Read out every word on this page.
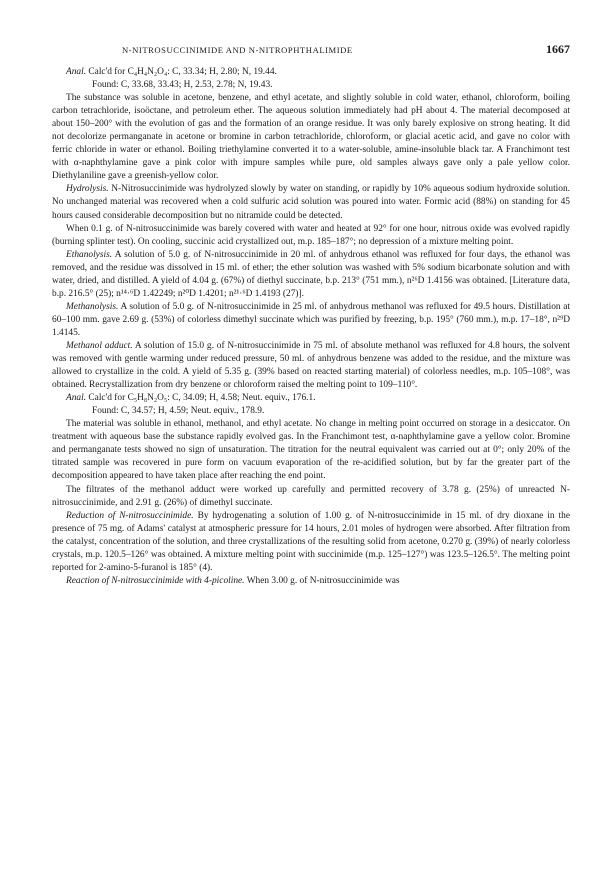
N-NITROSUCCINIMIDE AND N-NITROPHTHALIMIDE	1667

Anal. Calc'd for C₄H₄N₂O₄: C, 33.34; H, 2.80; N, 19.44.

Found: C, 33.68, 33.43; H, 2.53, 2.78; N, 19.43.

The substance was soluble in acetone, benzene, and ethyl acetate, and slightly soluble in cold water, ethanol, chloroform, boiling carbon tetrachloride, isoöctane, and petroleum ether. The aqueous solution immediately had pH about 4. The material decomposed at about 150–200° with the evolution of gas and the formation of an orange residue. It was only barely explosive on strong heating. It did not decolorize permanganate in acetone or bromine in carbon tetrachloride, chloroform, or glacial acetic acid, and gave no color with ferric chloride in water or ethanol. Boiling triethylamine converted it to a water-soluble, amine-insoluble black tar. A Franchimont test with α-naphthylamine gave a pink color with impure samples while pure, old samples always gave only a pale yellow color. Diethylaniline gave a greenish-yellow color.

Hydrolysis. N-Nitrosuccinimide was hydrolyzed slowly by water on standing, or rapidly by 10% aqueous sodium hydroxide solution. No unchanged material was recovered when a cold sulfuric acid solution was poured into water. Formic acid (88%) on standing for 45 hours caused considerable decomposition but no nitramide could be detected.

When 0.1 g. of N-nitrosuccinimide was barely covered with water and heated at 92° for one hour, nitrous oxide was evolved rapidly (burning splinter test). On cooling, succinic acid crystallized out, m.p. 185–187°; no depression of a mixture melting point.

Ethanolysis. A solution of 5.0 g. of N-nitrosuccinimide in 20 ml. of anhydrous ethanol was refluxed for four days, the ethanol was removed, and the residue was dissolved in 15 ml. of ether; the ether solution was washed with 5% sodium bicarbonate solution and with water, dried, and distilled. A yield of 4.04 g. (67%) of diethyl succinate, b.p. 213° (751 mm.), n²⁶D 1.4156 was obtained. [Literature data, b.p. 216.5° (25); n¹⁴·⁶D 1.42249; n²⁰D 1.4201; n²¹·⁶D 1.4193 (27)].

Methanolysis. A solution of 5.0 g. of N-nitrosuccinimide in 25 ml. of anhydrous methanol was refluxed for 49.5 hours. Distillation at 60–100 mm. gave 2.69 g. (53%) of colorless dimethyl succinate which was purified by freezing, b.p. 195° (760 mm.), m.p. 17–18°, n²⁹D 1.4145.

Methanol adduct. A solution of 15.0 g. of N-nitrosuccinimide in 75 ml. of absolute methanol was refluxed for 4.8 hours, the solvent was removed with gentle warming under reduced pressure, 50 ml. of anhydrous benzene was added to the residue, and the mixture was allowed to crystallize in the cold. A yield of 5.35 g. (39% based on reacted starting material) of colorless needles, m.p. 105–108°, was obtained. Recrystallization from dry benzene or chloroform raised the melting point to 109–110°.

Anal. Calc'd for C₅H₈N₂O₅: C, 34.09; H, 4.58; Neut. equiv., 176.1.

Found: C, 34.57; H, 4.59; Neut. equiv., 178.9.

The material was soluble in ethanol, methanol, and ethyl acetate. No change in melting point occurred on storage in a desiccator. On treatment with aqueous base the substance rapidly evolved gas. In the Franchimont test, α-naphthylamine gave a yellow color. Bromine and permanganate tests showed no sign of unsaturation. The titration for the neutral equivalent was carried out at 0°; only 20% of the titrated sample was recovered in pure form on vacuum evaporation of the re-acidified solution, but by far the greater part of the decomposition appeared to have taken place after reaching the end point.

The filtrates of the methanol adduct were worked up carefully and permitted recovery of 3.78 g. (25%) of unreacted N-nitrosuccinimide, and 2.91 g. (26%) of dimethyl succinate.

Reduction of N-nitrosuccinimide. By hydrogenating a solution of 1.00 g. of N-nitrosuccinimide in 15 ml. of dry dioxane in the presence of 75 mg. of Adams' catalyst at atmospheric pressure for 14 hours, 2.01 moles of hydrogen were absorbed. After filtration from the catalyst, concentration of the solution, and three crystallizations of the resulting solid from acetone, 0.270 g. (39%) of nearly colorless crystals, m.p. 120.5–126° was obtained. A mixture melting point with succinimide (m.p. 125–127°) was 123.5–126.5°. The melting point reported for 2-amino-5-furanol is 185° (4).

Reaction of N-nitrosuccinimide with 4-picoline. When 3.00 g. of N-nitrosuccinimide was
